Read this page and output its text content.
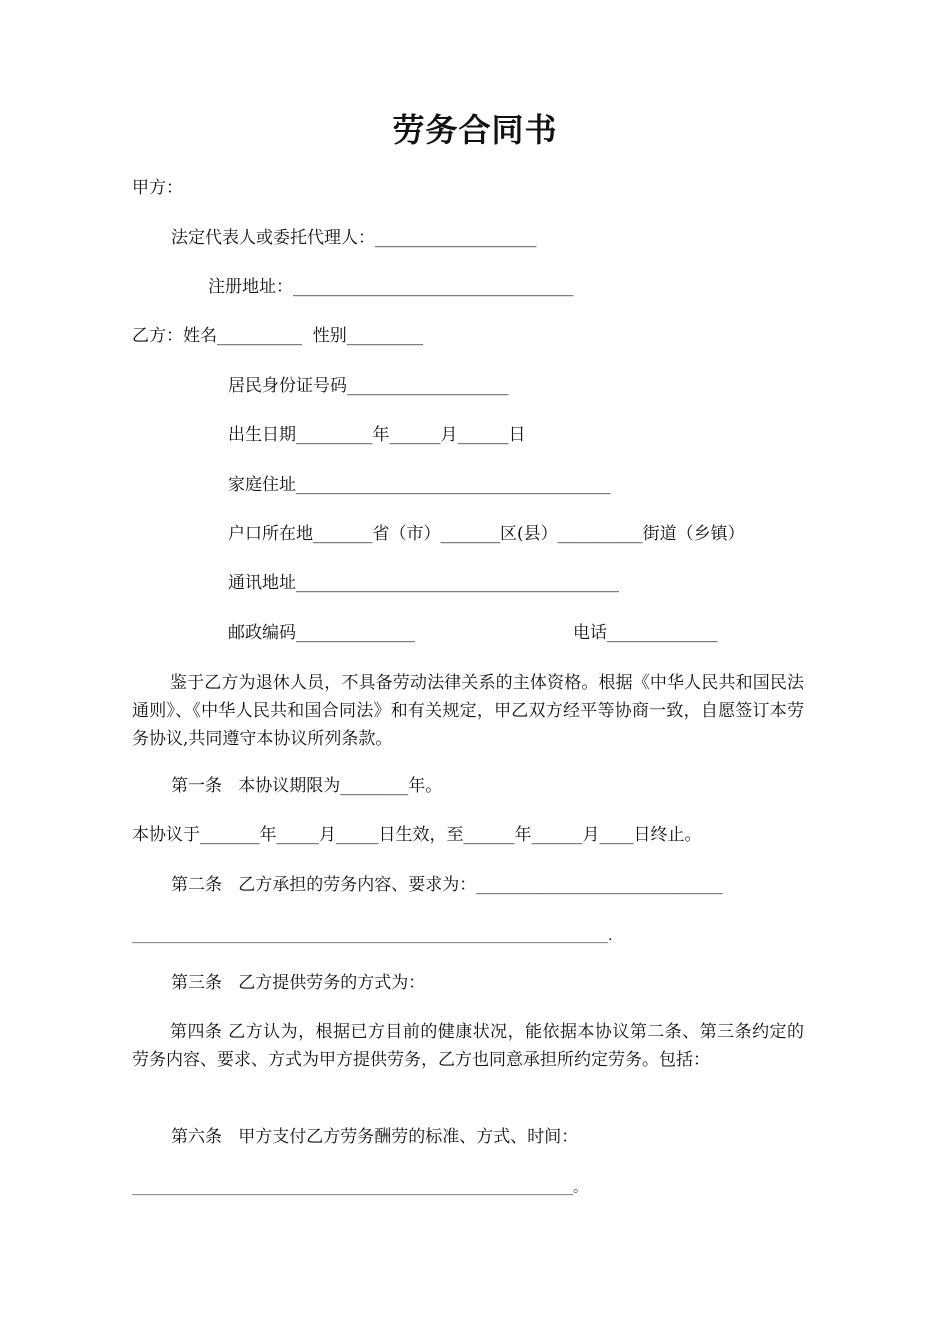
劳务合同书
甲方：
法定代表人或委托代理人：___________________
注册地址：_________________________________
乙方：姓名__________  性别_________
居民身份证号码___________________
出生日期_________年______月______日
家庭住址_____________________________________
户口所在地_______省（市）_______区(县）__________街道（乡镇）
通讯地址______________________________________
邮政编码______________	电话_____________
鉴于乙方为退休人员，不具备劳动法律关系的主体资格。根据《中华人民共和国民法通则》、《中华人民共和国合同法》和有关规定，甲乙双方经平等协商一致，自愿签订本劳务协议,共同遵守本协议所列条款。
第一条   本协议期限为________年。
本协议于_______年_____月_____日生效，至______年______月____日终止。
第二条   乙方承担的劳务内容、要求为：_____________________________
____________________________________________________________________.
第三条   乙方提供劳务的方式为：
第四条 乙方认为，根据已方目前的健康状况，能依据本协议第二条、第三条约定的劳务内容、要求、方式为甲方提供劳务，乙方也同意承担所约定劳务。包括：
第六条   甲方支付乙方劳务酬劳的标准、方式、时间：
_______________________________________________________________。
